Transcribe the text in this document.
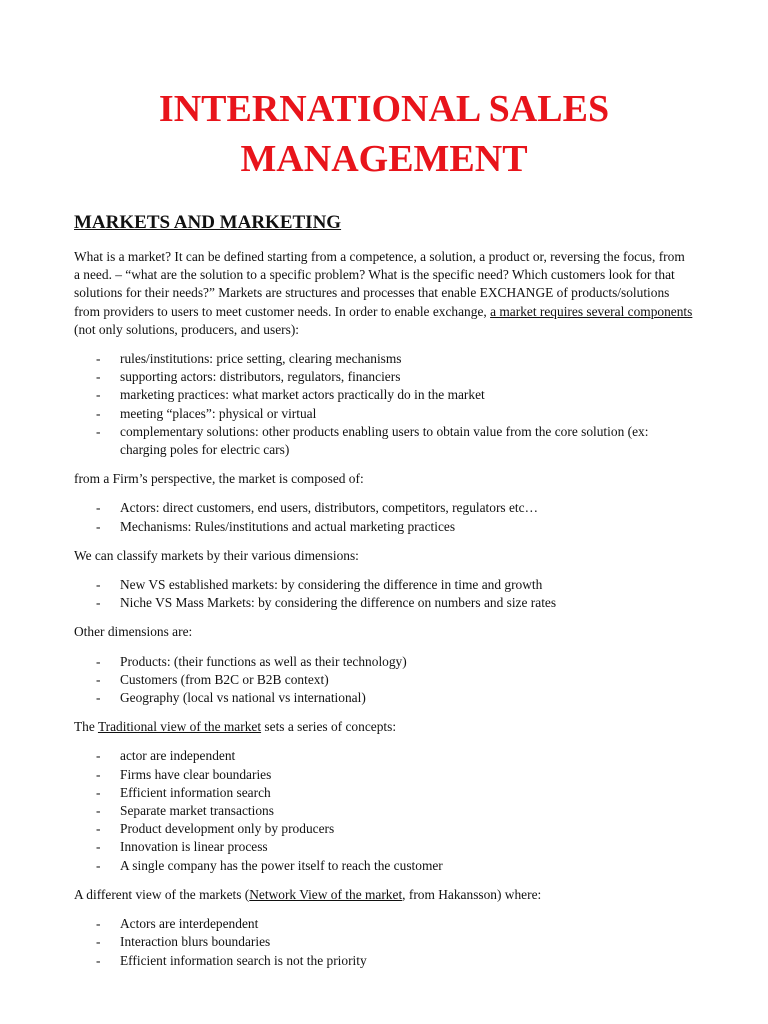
INTERNATIONAL SALES
MANAGEMENT
MARKETS AND MARKETING

What is a market? It can be defined starting from a competence, a solution, a product or, reversing the focus, from a need. – “what are the solution to a specific problem? What is the specific need? Which customers look for that solutions for their needs?” Markets are structures and processes that enable EXCHANGE of products/solutions from providers to users to meet customer needs. In order to enable exchange, a market requires several components (not only solutions, producers, and users):

- rules/institutions: price setting, clearing mechanisms
- supporting actors: distributors, regulators, financiers
- marketing practices: what market actors practically do in the market
- meeting “places”: physical or virtual
- complementary solutions: other products enabling users to obtain value from the core solution (ex: charging poles for electric cars)

from a Firm’s perspective, the market is composed of:

- Actors: direct customers, end users, distributors, competitors, regulators etc…
- Mechanisms: Rules/institutions and actual marketing practices

We can classify markets by their various dimensions:

- New VS established markets: by considering the difference in time and growth
- Niche VS Mass Markets: by considering the difference on numbers and size rates

Other dimensions are:

- Products: (their functions as well as their technology)
- Customers (from B2C or B2B context)
- Geography (local vs national vs international)

The Traditional view of the market sets a series of concepts:

- actor are independent
- Firms have clear boundaries
- Efficient information search
- Separate market transactions
- Product development only by producers
- Innovation is linear process
- A single company has the power itself to reach the customer

A different view of the markets (Network View of the market, from Hakansson) where:

- Actors are interdependent
- Interaction blurs boundaries
- Efficient information search is not the priority
